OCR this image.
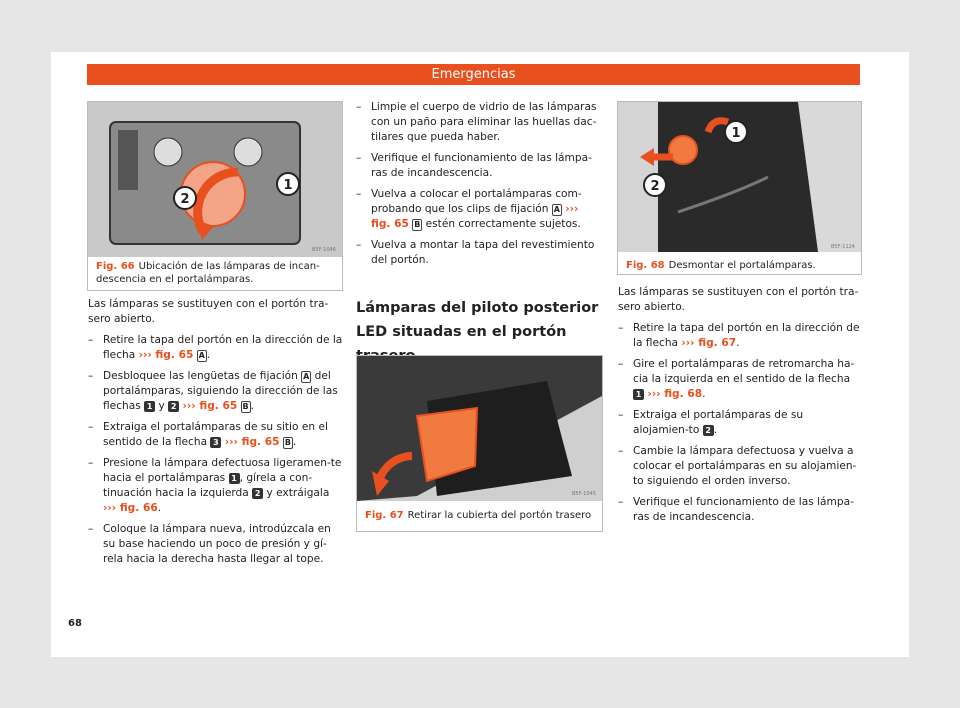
Emergencias
1
2
B5F-1046
Fig. 66 Ubicación de las lámparas de incan-
descencia en el portalámparas.

Las lámparas se sustituyen con el portón tra-
sero abierto.

– Retire la tapa del portón en la dirección de la flecha ››› fig. 65 A .
– Desbloquee las lengüetas de fijación A del portalámparas, siguiendo la dirección de las flechas 1 y 2 ››› fig. 65 B .
– Extraiga el portalámparas de su sitio en el sentido de la flecha 3 ››› fig. 65 B .
– Presione la lámpara defectuosa ligeramen-te hacia el portalámparas 1 , gírela a con-tinuación hacia la izquierda 2 y extráigala ››› fig. 66.
– Coloque la lámpara nueva, introdúzcala en su base haciendo un poco de presión y gí-rela hacia la derecha hasta llegar al tope.
– Limpie el cuerpo de vidrio de las lámparas con un paño para eliminar las huellas dac-tilares que pueda haber.
– Verifique el funcionamiento de las lámpa-ras de incandescencia.
– Vuelva a colocar el portalámparas com-probando que los clips de fijación A ››› fig. 65 B estén correctamente sujetos.
– Vuelva a montar la tapa del revestimiento del portón.
Lámparas del piloto posterior LED situadas en el portón
B5F-1045
Fig. 67 Retirar la cubierta del portón trasero
1
2
B5F-1124
Fig. 68 Desmontar el portalámparas.

Las lámparas se sustituyen con el portón tra-sero abierto.

– Retire la tapa del portón en la dirección de la flecha ››› fig. 67.
– Gire el portalámparas de retromarcha ha-cia la izquierda en el sentido de la flecha 1 ››› fig. 68.
– Extraiga el portalámparas de su alojamien-to 2 .
– Cambie la lámpara defectuosa y vuelva a colocar el portalámparas en su alojamien-to siguiendo el orden inverso.
– Verifique el funcionamiento de las lámpa-ras de incandescencia.
68
